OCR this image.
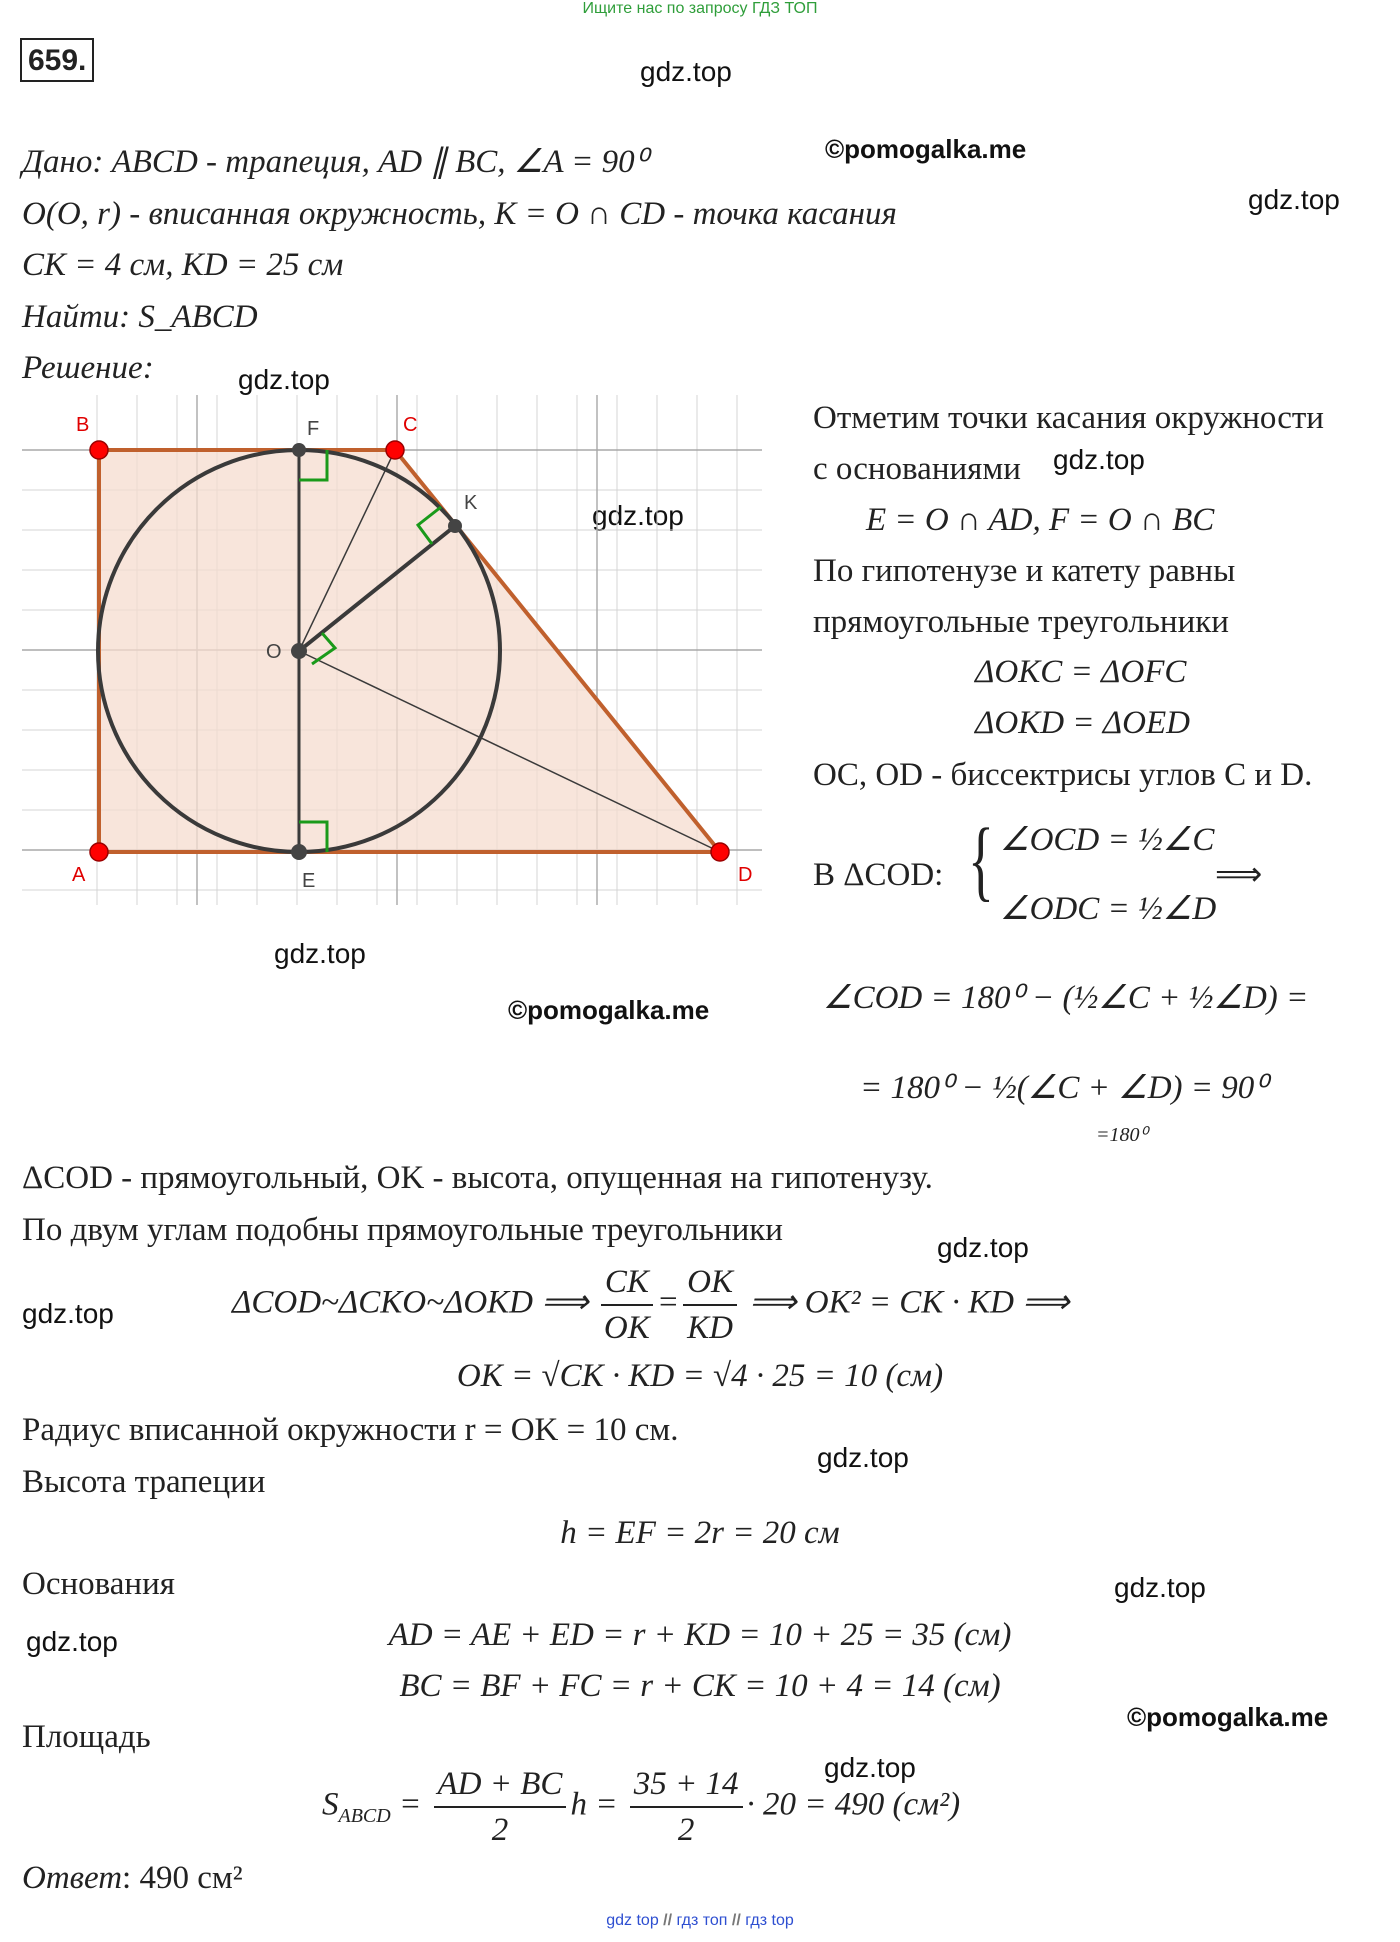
Ищите нас по запросу ГДЗ ТОП
659.	gdz.top
©pomogalka.me
gdz.top
gdz.top
gdz.top
gdz.top
gdz.top
©pomogalka.me
gdz.top
gdz.top
gdz.top
gdz.top
gdz.top
©pomogalka.me
gdz.top
Дано: ABCD - трапеция, AD ∥ BC, ∠A = 90⁰
O(O, r) - вписанная окружность, K = O ∩ CD - точка касания
CK = 4 см, KD = 25 см
Найти: S_ABCD
Решение:
B	C
A	D
F
E
O
K
Отметим точки касания окружности
с основаниями
E = O ∩ AD, F = O ∩ BC
По гипотенузе и катету равны
прямоугольные треугольники
ΔOKC = ΔOFC
ΔOKD = ΔOED
OC, OD - биссектрисы углов C и D.
В ΔCOD: { ∠OCD = ½∠C
∠ODC = ½∠D
⟹
∠COD = 180⁰ − (½∠C + ½∠D) =
= 180⁰ − ½(∠C + ∠D) = 90⁰
=180⁰
ΔCOD - прямоугольный, OK - высота, опущенная на гипотенузу.
По двум углам подобны прямоугольные треугольники
ΔCOD~ΔCKO~ΔOKD ⟹ $\frac{CK}{OK} = \frac{OK}{KD}$ ⟹ OK² = CK · KD ⟹
OK = √CK · KD = √4 · 25 = 10 (см)
Радиус вписанной окружности r = OK = 10 см.
Высота трапеции
h = EF = 2r = 20 см
Основания
AD = AE + ED = r + KD = 10 + 25 = 35 (см)
BC = BF + FC = r + CK = 10 + 4 = 14 (см)
Площадь
$S_{ABCD} = \frac{AD + BC}{2}$ $h = \frac{35 + 14}{2} \cdot 20 = 490$ (см²)
Ответ: 490 см²
gdz top // гдз топ // гдз top
